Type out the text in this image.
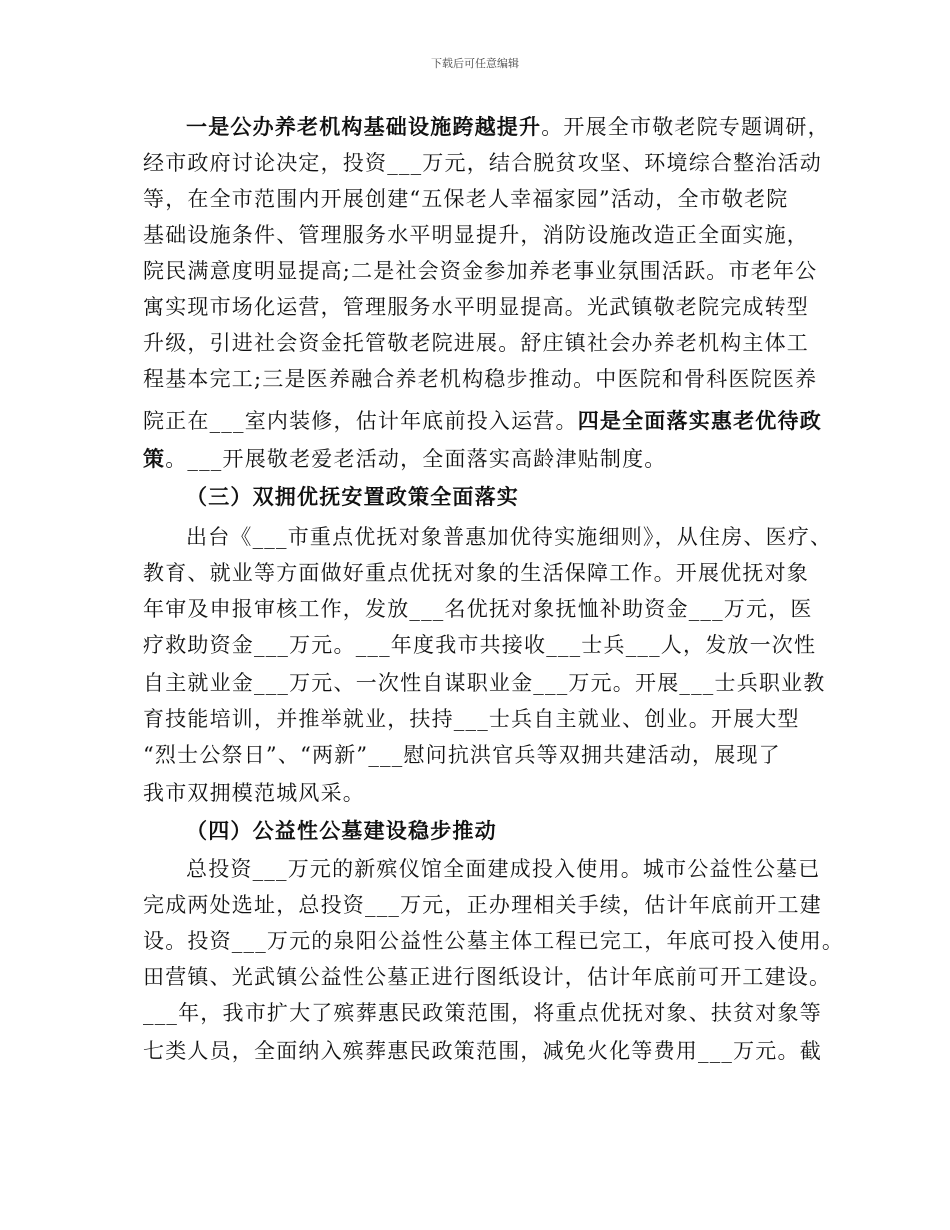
下载后可任意编辑
一是公办养老机构基础设施跨越提升。开展全市敬老院专题调研，
经市政府讨论决定，投资___万元，结合脱贫攻坚、环境综合整治活动
等，在全市范围内开展创建“五保老人幸福家园”活动，全市敬老院
基础设施条件、管理服务水平明显提升，消防设施改造正全面实施，
院民满意度明显提高;二是社会资金参加养老事业氛围活跃。市老年公
寓实现市场化运营，管理服务水平明显提高。光武镇敬老院完成转型
升级，引进社会资金托管敬老院进展。舒庄镇社会办养老机构主体工
程基本完工;三是医养融合养老机构稳步推动。中医院和骨科医院医养
院正在___室内装修，估计年底前投入运营。四是全面落实惠老优待政
策。___开展敬老爱老活动，全面落实高龄津贴制度。
（三）双拥优抚安置政策全面落实
出台《___市重点优抚对象普惠加优待实施细则》，从住房、医疗、
教育、就业等方面做好重点优抚对象的生活保障工作。开展优抚对象
年审及申报审核工作，发放___名优抚对象抚恤补助资金___万元，医
疗救助资金___万元。___年度我市共接收___士兵___人，发放一次性
自主就业金___万元、一次性自谋职业金___万元。开展___士兵职业教
育技能培训，并推举就业，扶持___士兵自主就业、创业。开展大型
“烈士公祭日”、“两新”___慰问抗洪官兵等双拥共建活动，展现了
我市双拥模范城风采。
（四）公益性公墓建设稳步推动
总投资___万元的新殡仪馆全面建成投入使用。城市公益性公墓已
完成两处选址，总投资___万元，正办理相关手续，估计年底前开工建
设。投资___万元的泉阳公益性公墓主体工程已完工，年底可投入使用。
田营镇、光武镇公益性公墓正进行图纸设计，估计年底前可开工建设。
___年，我市扩大了殡葬惠民政策范围，将重点优抚对象、扶贫对象等
七类人员，全面纳入殡葬惠民政策范围，减免火化等费用___万元。截
